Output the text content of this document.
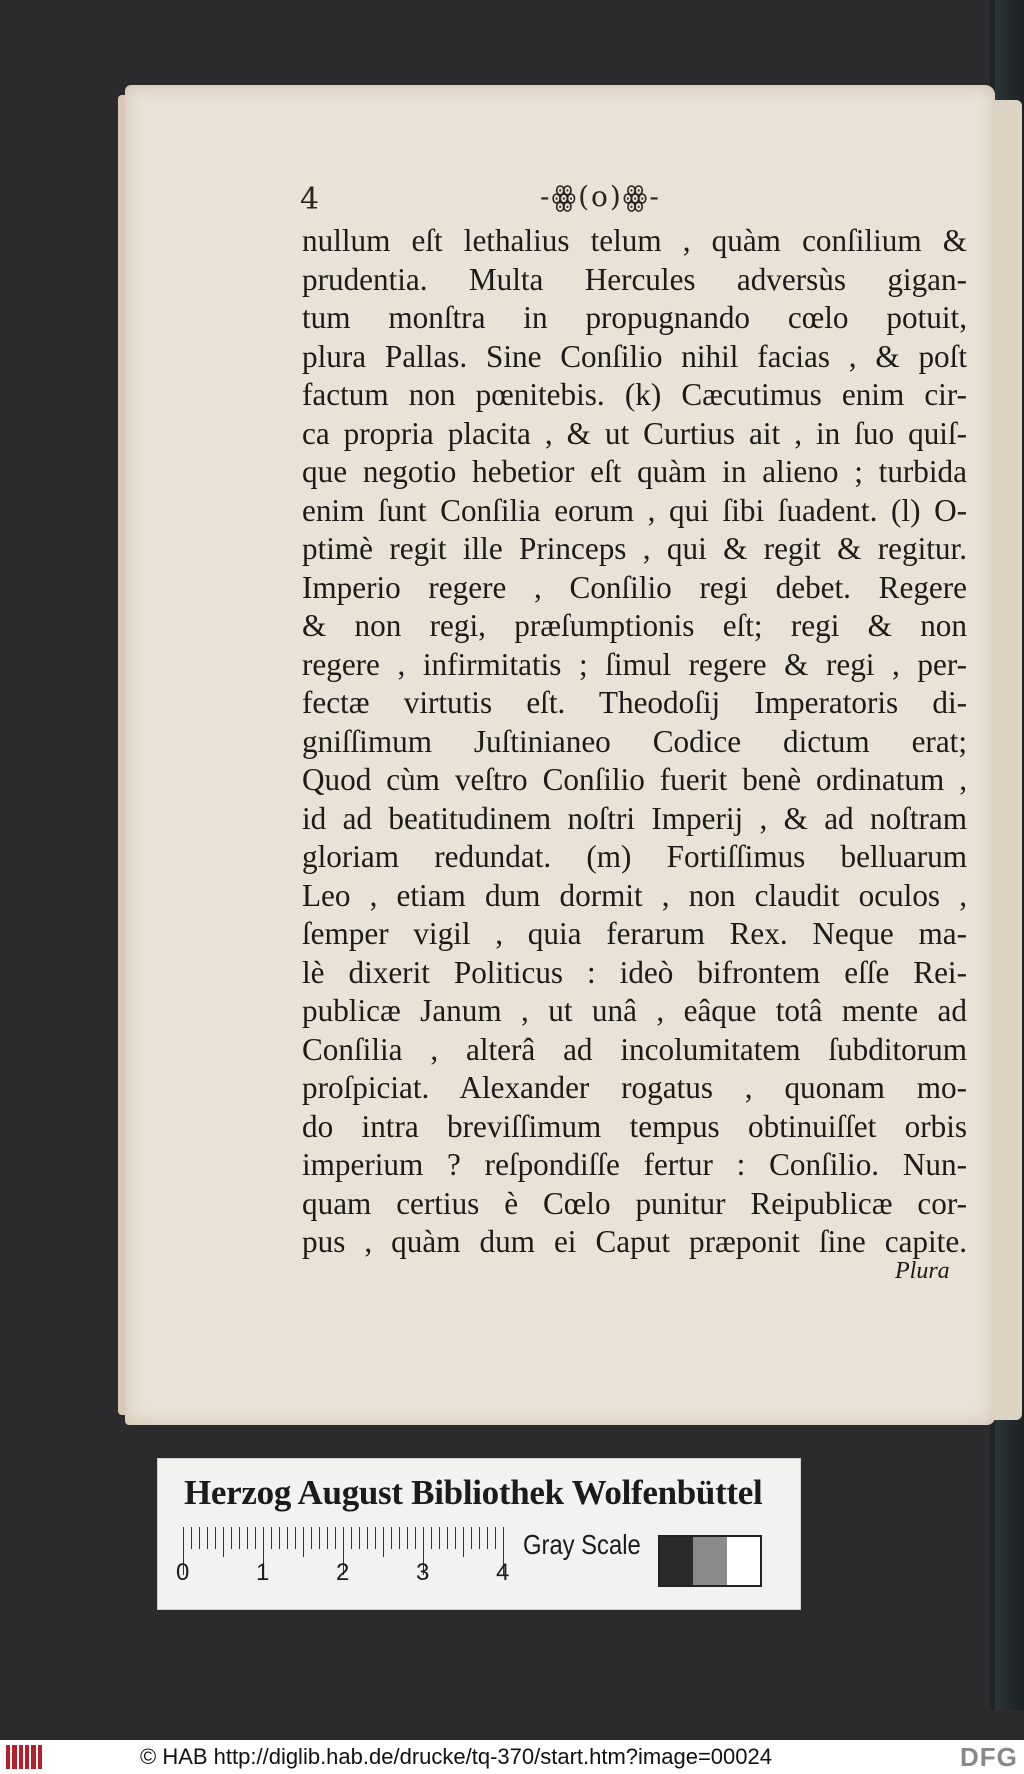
4	-ꙮ(o)ꙮ-
nullum eſt lethalius telum , quàm conſilium &
prudentia. Multa Hercules adversùs gigan-
tum monſtra in propugnando cœlo potuit,
plura Pallas. Sine Conſilio nihil facias , & poſt
factum non pœnitebis. (k) Cæcutimus enim cir-
ca propria placita , & ut Curtius ait , in ſuo quiſ-
que negotio hebetior eſt quàm in alieno ; turbida
enim ſunt Conſilia eorum , qui ſibi ſuadent. (l) O-
ptimè regit ille Princeps , qui & regit & regitur.
Imperio regere , Conſilio regi debet. Regere
& non regi, præſumptionis eſt; regi & non
regere , infirmitatis ; ſimul regere & regi , per-
fectæ virtutis eſt. Theodoſij Imperatoris di-
gniſſimum Juſtinianeo Codice dictum erat;
Quod cùm veſtro Conſilio fuerit benè ordinatum ,
id ad beatitudinem noſtri Imperij , & ad noſtram
gloriam redundat. (m) Fortiſſimus belluarum
Leo , etiam dum dormit , non claudit oculos ,
ſemper vigil , quia ferarum Rex. Neque ma-
lè dixerit Politicus : ideò bifrontem eſſe Rei-
publicæ Janum , ut unâ , eâque totâ mente ad
Conſilia , alterâ ad incolumitatem ſubditorum
proſpiciat. Alexander rogatus , quonam mo-
do intra breviſſimum tempus obtinuiſſet orbis
imperium ? reſpondiſſe fertur : Conſilio. Nun-
quam certius è Cœlo punitur Reipublicæ cor-
pus , quàm dum ei Caput præponit ſine capite.
Plura
Herzog August Bibliothek Wolfenbüttel
Gray Scale
0	1	2	3	4
© HAB http://diglib.hab.de/drucke/tq-370/start.htm?image=00024	DFG
